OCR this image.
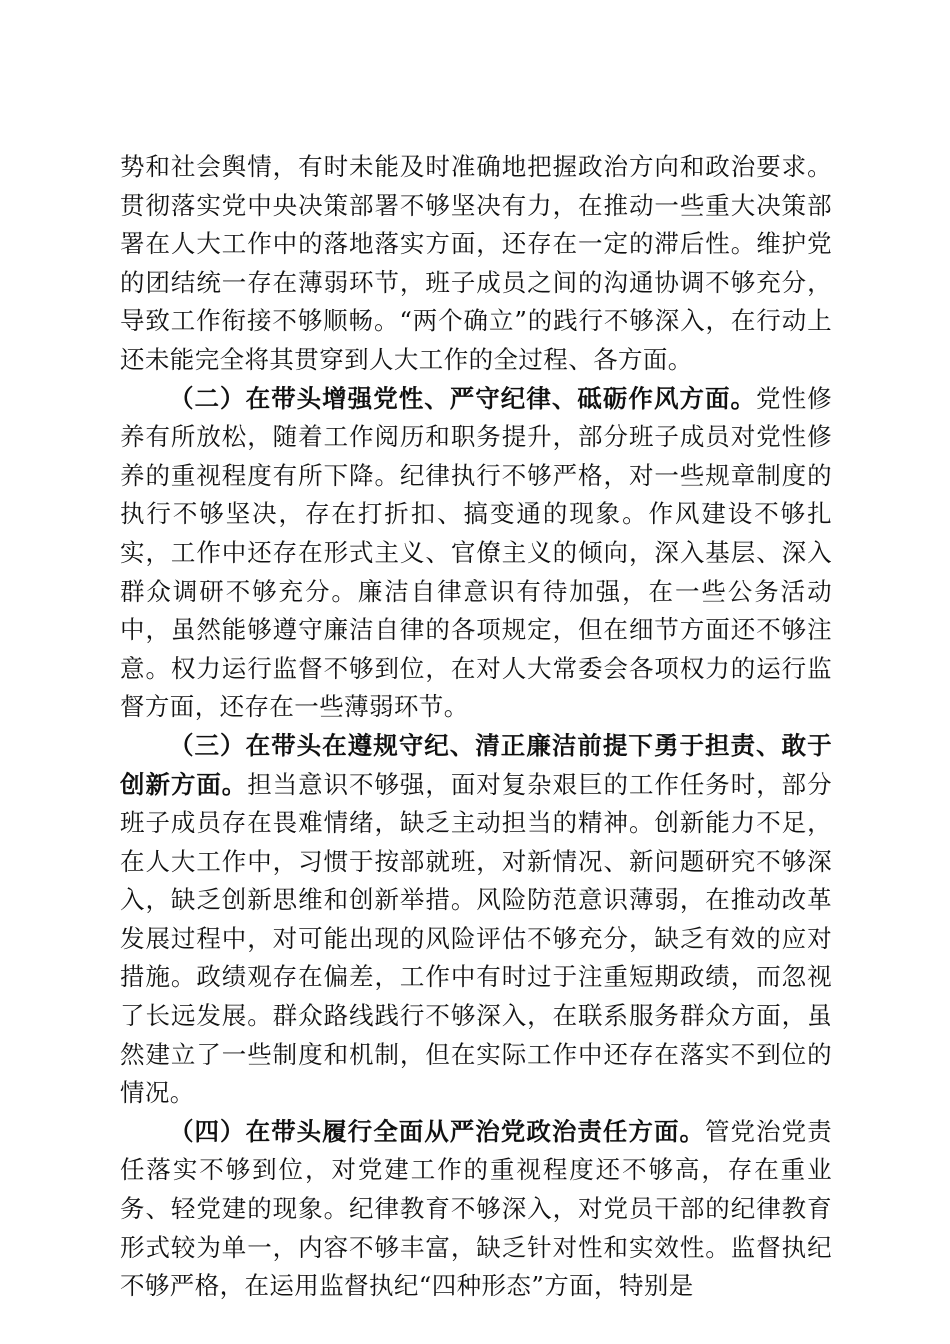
势和社会舆情，有时未能及时准确地把握政治方向和政治要求。贯彻落实党中央决策部署不够坚决有力，在推动一些重大决策部署在人大工作中的落地落实方面，还存在一定的滞后性。维护党的团结统一存在薄弱环节，班子成员之间的沟通协调不够充分，导致工作衔接不够顺畅。“两个确立”的践行不够深入，在行动上还未能完全将其贯穿到人大工作的全过程、各方面。

（二）在带头增强党性、严守纪律、砥砺作风方面。党性修养有所放松，随着工作阅历和职务提升，部分班子成员对党性修养的重视程度有所下降。纪律执行不够严格，对一些规章制度的执行不够坚决，存在打折扣、搞变通的现象。作风建设不够扎实，工作中还存在形式主义、官僚主义的倾向，深入基层、深入群众调研不够充分。廉洁自律意识有待加强，在一些公务活动中，虽然能够遵守廉洁自律的各项规定，但在细节方面还不够注意。权力运行监督不够到位，在对人大常委会各项权力的运行监督方面，还存在一些薄弱环节。

（三）在带头在遵规守纪、清正廉洁前提下勇于担责、敢于创新方面。担当意识不够强，面对复杂艰巨的工作任务时，部分班子成员存在畏难情绪，缺乏主动担当的精神。创新能力不足，在人大工作中，习惯于按部就班，对新情况、新问题研究不够深入，缺乏创新思维和创新举措。风险防范意识薄弱，在推动改革发展过程中，对可能出现的风险评估不够充分，缺乏有效的应对措施。政绩观存在偏差，工作中有时过于注重短期政绩，而忽视了长远发展。群众路线践行不够深入，在联系服务群众方面，虽然建立了一些制度和机制，但在实际工作中还存在落实不到位的情况。

（四）在带头履行全面从严治党政治责任方面。管党治党责任落实不够到位，对党建工作的重视程度还不够高，存在重业务、轻党建的现象。纪律教育不够深入，对党员干部的纪律教育形式较为单一，内容不够丰富，缺乏针对性和实效性。监督执纪不够严格，在运用监督执纪“四种形态”方面，特别是
